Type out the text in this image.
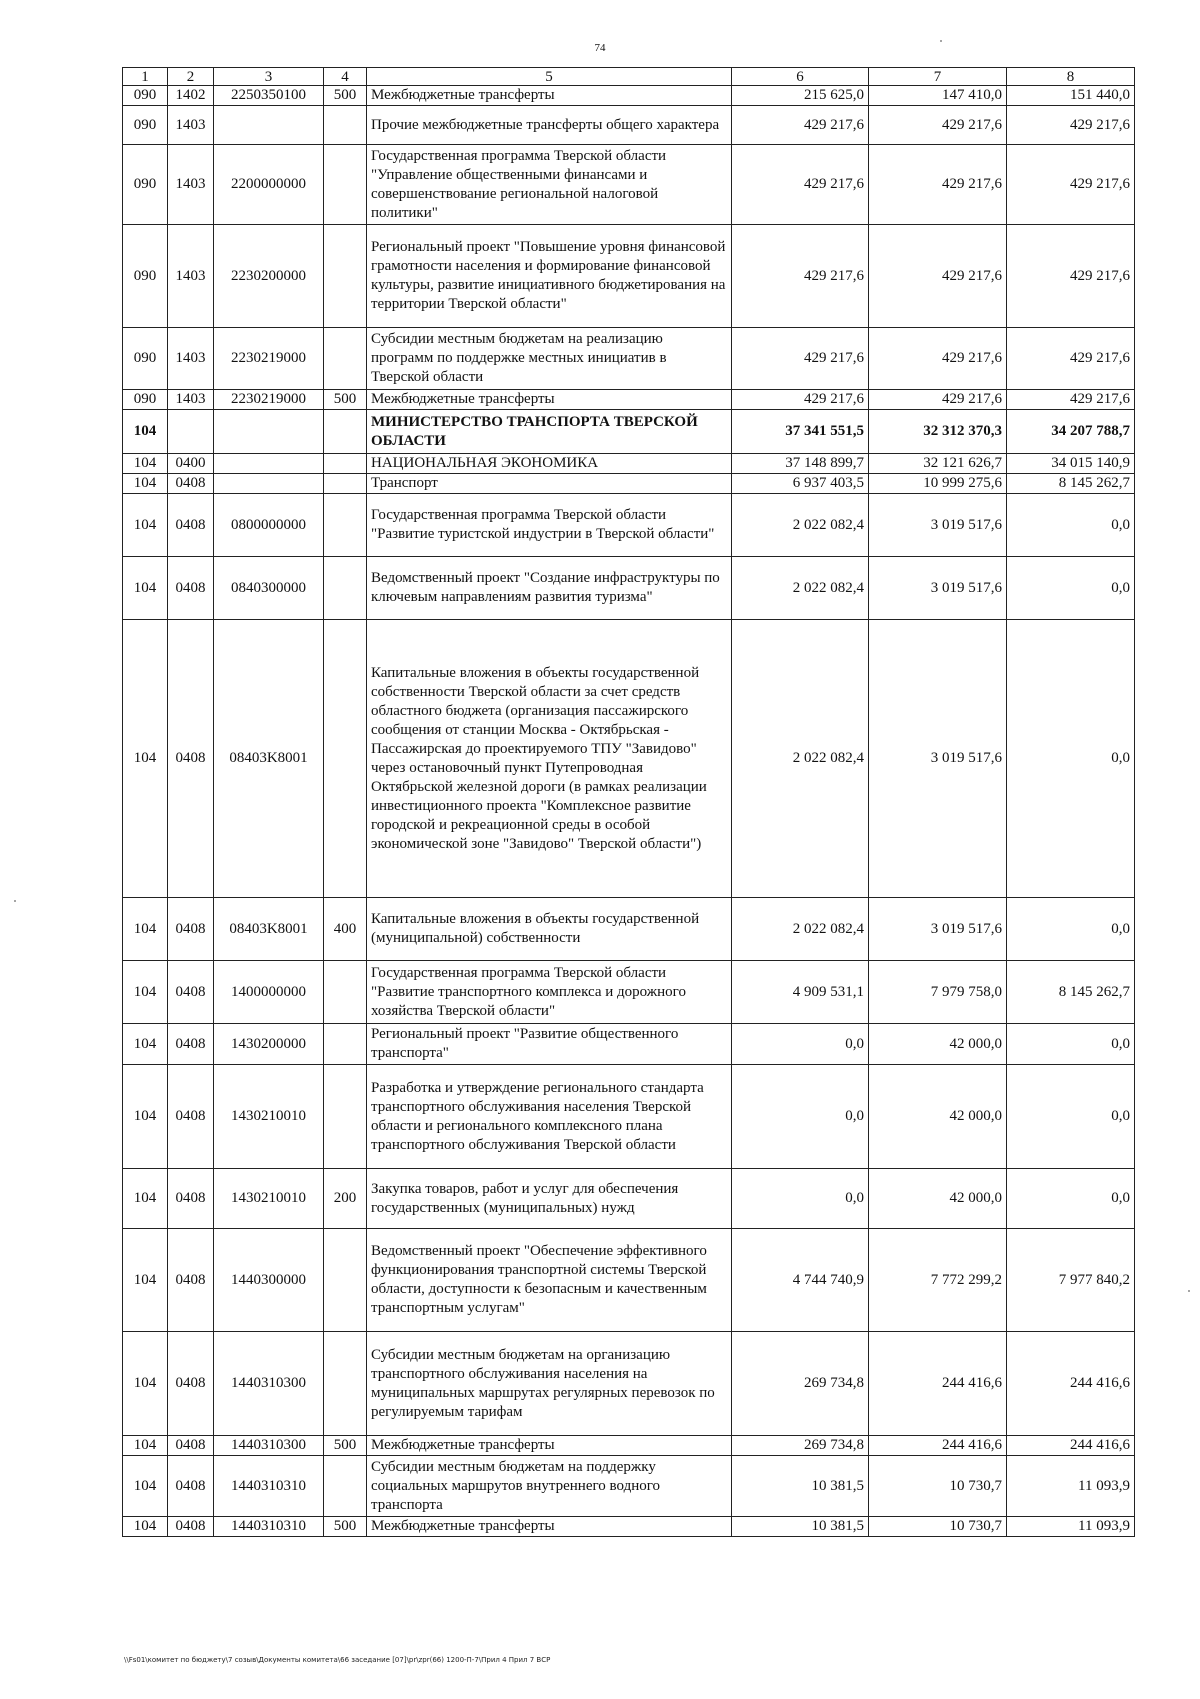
74
1	2	3	4	5	6	7	8
090	1402	2250350100	500	Межбюджетные трансферты	215 625,0	147 410,0	151 440,0
090	1403			Прочие межбюджетные трансферты общего характера	429 217,6	429 217,6	429 217,6
090	1403	2200000000		Государственная программа Тверской области "Управление общественными финансами и совершенствование региональной налоговой политики"	429 217,6	429 217,6	429 217,6
090	1403	2230200000		Региональный проект "Повышение уровня финансовой грамотности населения и формирование финансовой культуры, развитие инициативного бюджетирования на территории Тверской области"	429 217,6	429 217,6	429 217,6
090	1403	2230219000		Субсидии местным бюджетам на реализацию программ по поддержке местных инициатив в Тверской области	429 217,6	429 217,6	429 217,6
090	1403	2230219000	500	Межбюджетные трансферты	429 217,6	429 217,6	429 217,6
104				МИНИСТЕРСТВО ТРАНСПОРТА ТВЕРСКОЙ ОБЛАСТИ	37 341 551,5	32 312 370,3	34 207 788,7
104	0400			НАЦИОНАЛЬНАЯ ЭКОНОМИКА	37 148 899,7	32 121 626,7	34 015 140,9
104	0408			Транспорт	6 937 403,5	10 999 275,6	8 145 262,7
104	0408	0800000000		Государственная программа Тверской области "Развитие туристской индустрии в Тверской области"	2 022 082,4	3 019 517,6	0,0
104	0408	0840300000		Ведомственный проект "Создание инфраструктуры по ключевым направлениям развития туризма"	2 022 082,4	3 019 517,6	0,0
104	0408	08403K8001		Капитальные вложения в объекты государственной собственности Тверской области за счет средств областного бюджета (организация пассажирского сообщения от станции Москва - Октябрьская - Пассажирская до проектируемого ТПУ "Завидово" через остановочный пункт Путепроводная Октябрьской железной дороги (в рамках реализации инвестиционного проекта "Комплексное развитие городской и рекреационной среды в особой экономической зоне "Завидово" Тверской области")	2 022 082,4	3 019 517,6	0,0
104	0408	08403K8001	400	Капитальные вложения в объекты государственной (муниципальной) собственности	2 022 082,4	3 019 517,6	0,0
104	0408	1400000000		Государственная программа Тверской области "Развитие транспортного комплекса и дорожного хозяйства Тверской области"	4 909 531,1	7 979 758,0	8 145 262,7
104	0408	1430200000		Региональный проект "Развитие общественного транспорта"	0,0	42 000,0	0,0
104	0408	1430210010		Разработка и утверждение регионального стандарта транспортного обслуживания населения Тверской области и регионального комплексного плана транспортного обслуживания Тверской области	0,0	42 000,0	0,0
104	0408	1430210010	200	Закупка товаров, работ и услуг для обеспечения государственных (муниципальных) нужд	0,0	42 000,0	0,0
104	0408	1440300000		Ведомственный проект "Обеспечение эффективного функционирования транспортной системы Тверской области, доступности к безопасным и качественным транспортным услугам"	4 744 740,9	7 772 299,2	7 977 840,2
104	0408	1440310300		Субсидии местным бюджетам на организацию транспортного обслуживания населения на муниципальных маршрутах регулярных перевозок по регулируемым тарифам	269 734,8	244 416,6	244 416,6
104	0408	1440310300	500	Межбюджетные трансферты	269 734,8	244 416,6	244 416,6
104	0408	1440310310		Субсидии местным бюджетам на поддержку социальных маршрутов внутреннего водного транспорта	10 381,5	10 730,7	11 093,9
104	0408	1440310310	500	Межбюджетные трансферты	10 381,5	10 730,7	11 093,9
\\Fs01\комитет по бюджету\7 созыв\Документы комитета\66 заседание [07]\pr\zpr(66) 1200-П-7\Прил 4 Прил 7 ВСР
